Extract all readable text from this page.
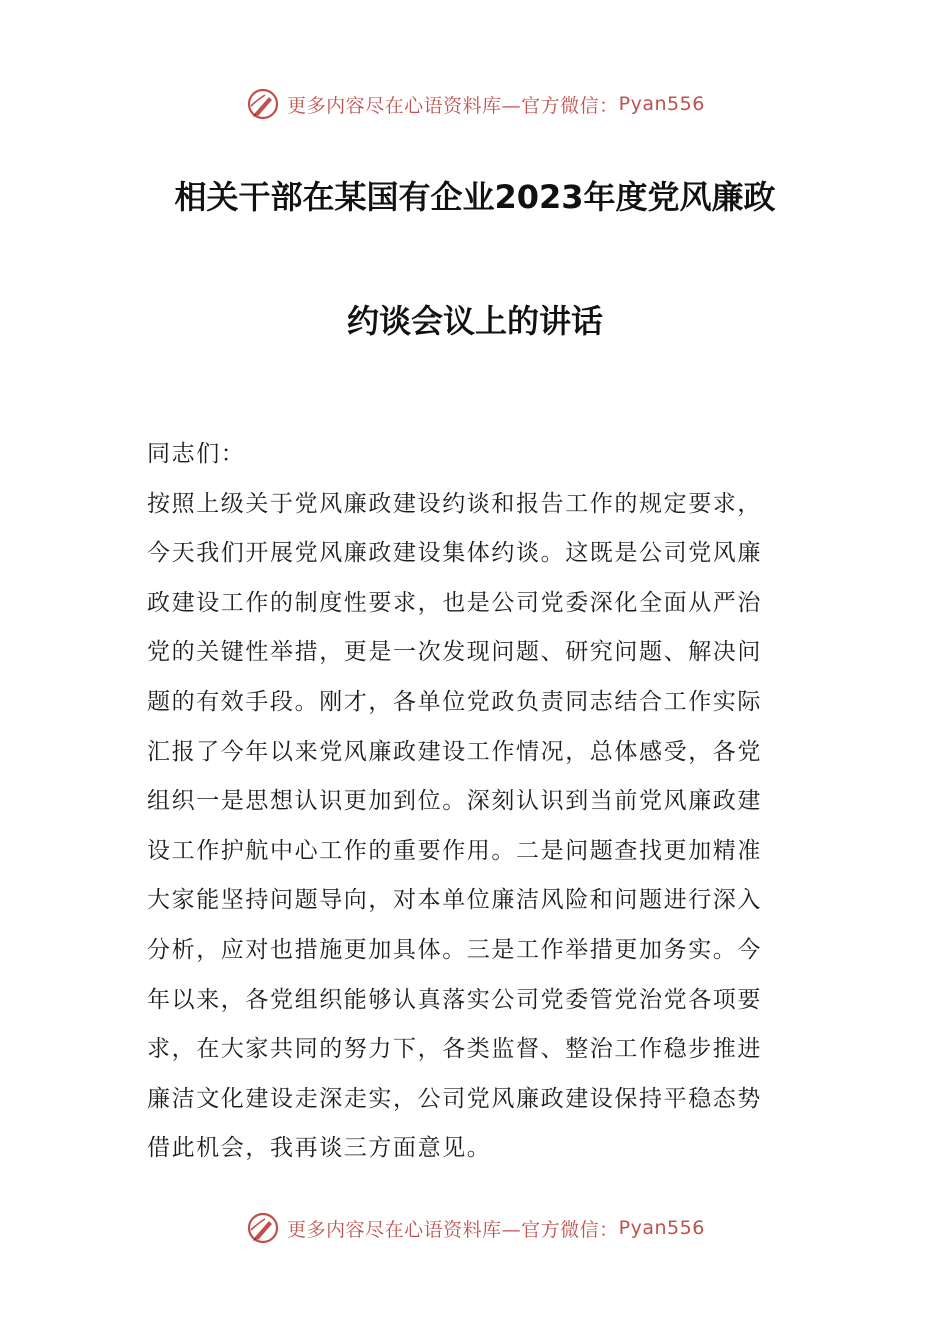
更多内容尽在心语资料库—官方微信： Pyan556
相关干部在某国有企业2023年度党风廉政
约谈会议上的讲话
同志们：
按照上级关于党风廉政建设约谈和报告工作的规定要求，
今天我们开展党风廉政建设集体约谈。这既是公司党风廉
政建设工作的制度性要求，也是公司党委深化全面从严治
党的关键性举措，更是一次发现问题、研究问题、解决问
题的有效手段。刚才，各单位党政负责同志结合工作实际
汇报了今年以来党风廉政建设工作情况，总体感受，各党
组织一是思想认识更加到位。深刻认识到当前党风廉政建
设工作护航中心工作的重要作用。二是问题查找更加精准
大家能坚持问题导向，对本单位廉洁风险和问题进行深入
分析，应对也措施更加具体。三是工作举措更加务实。今
年以来，各党组织能够认真落实公司党委管党治党各项要
求，在大家共同的努力下，各类监督、整治工作稳步推进
廉洁文化建设走深走实，公司党风廉政建设保持平稳态势
借此机会，我再谈三方面意见。
更多内容尽在心语资料库—官方微信： Pyan556
